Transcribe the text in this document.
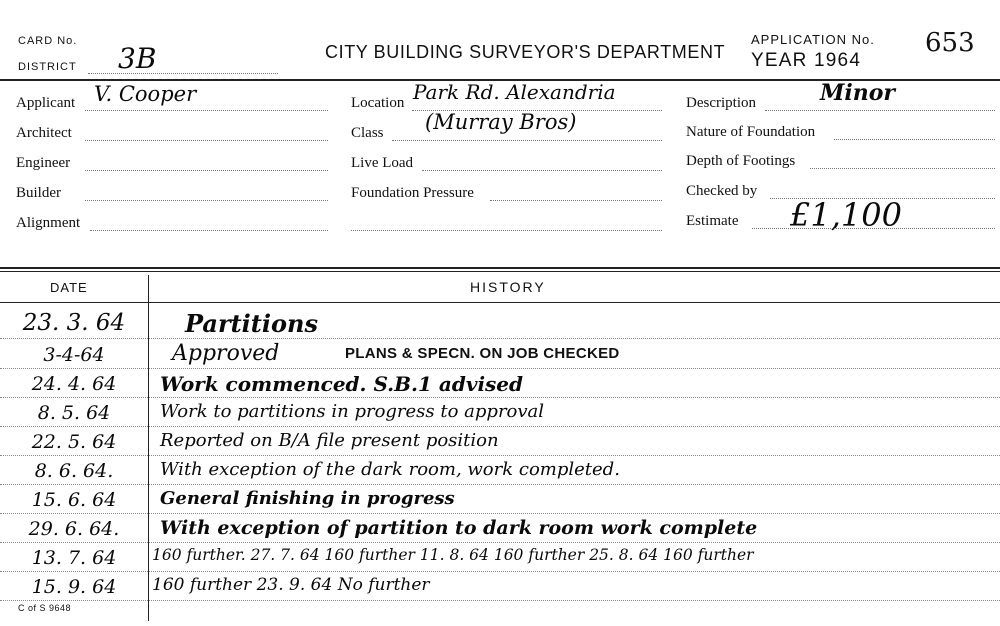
CARD No.
DISTRICT 3B	CITY BUILDING SURVEYOR'S DEPARTMENT
APPLICATION No. 653
YEAR 1964
Applicant V. Cooper
Architect
Engineer
Builder
Alignment
Location Park Rd. Alexandria
Class (Murray Bros)
Live Load
Foundation Pressure
Description	Minor
Nature of Foundation
Depth of Footings
Checked by
Estimate £1,100
DATE	HISTORY
23. 3. 64	Partitions
3-4-64	Approved	PLANS & SPECN. ON JOB CHECKED
24. 4. 64	Work commenced. S.B.1 advised
8. 5. 64	Work to partitions in progress to approval
22. 5. 64	Reported on B/A file present position
8. 6. 64.	With exception of the dark room, work completed.
15. 6. 64	General finishing in progress
29. 6. 64.	With exception of partition to dark room work complete
13. 7. 64	160 further. 27. 7. 64 160 further 11. 8. 64 160 further 25. 8. 64 160 further
15. 9. 64	160 further 23. 9. 64 No further
C of S 9648
